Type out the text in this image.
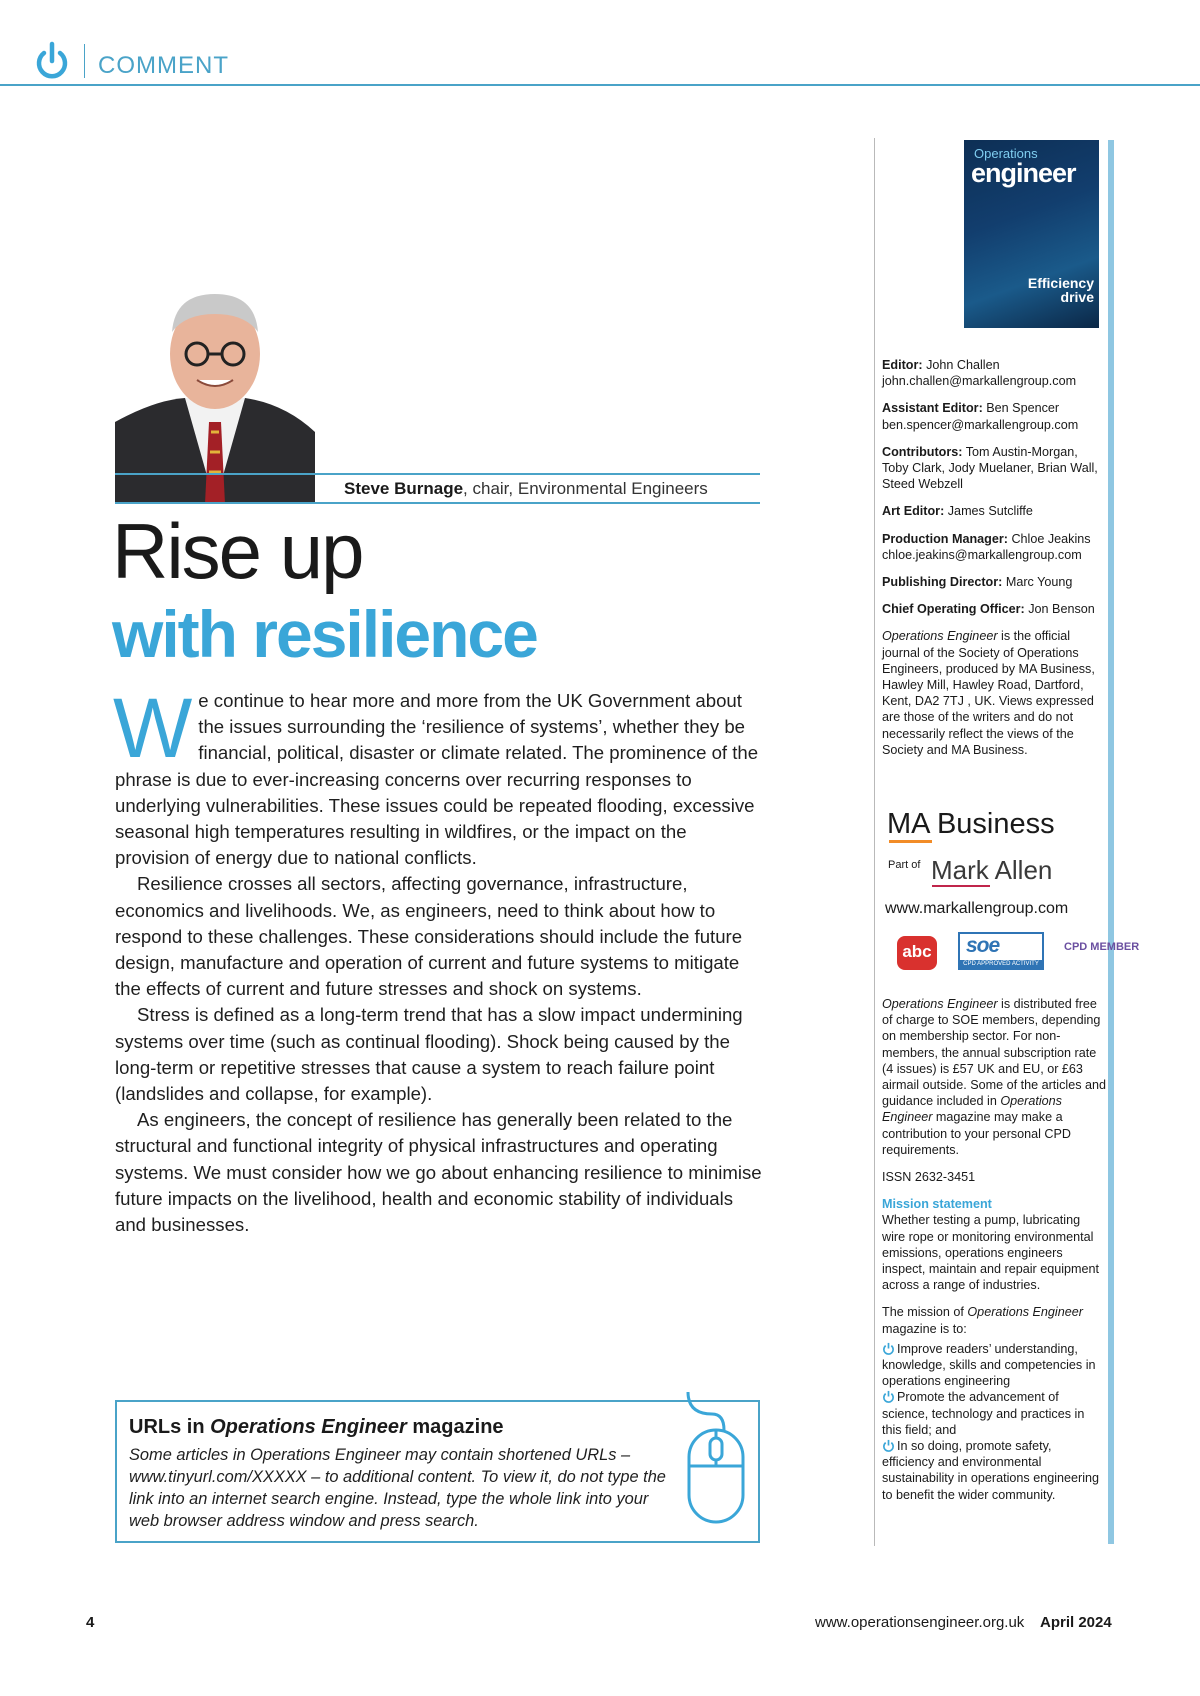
COMMENT
Steve Burnage, chair, Environmental Engineers
Rise up
with resilience

We continue to hear more and more from the UK Government about the issues surrounding the ‘resilience of systems’, whether they be financial, political, disaster or climate related. The prominence of the phrase is due to ever-increasing concerns over recurring responses to underlying vulnerabilities. These issues could be repeated flooding, excessive seasonal high temperatures resulting in wildfires, or the impact on the provision of energy due to national conflicts.

Resilience crosses all sectors, affecting governance, infrastructure, economics and livelihoods. We, as engineers, need to think about how to respond to these challenges. These considerations should include the future design, manufacture and operation of current and future systems to mitigate the effects of current and future stresses and shock on systems.

Stress is defined as a long-term trend that has a slow impact undermining systems over time (such as continual flooding). Shock being caused by the long-term or repetitive stresses that cause a system to reach failure point (landslides and collapse, for example).

As engineers, the concept of resilience has generally been related to the structural and functional integrity of physical infrastructures and operating systems. We must consider how we go about enhancing resilience to minimise future impacts on the livelihood, health and economic stability of individuals and businesses.

URLs in Operations Engineer magazine
Some articles in Operations Engineer may contain shortened URLs – www.tinyurl.com/XXXXX – to additional content. To view it, do not type the link into an internet search engine. Instead, type the whole link into your web browser address window and press search.
Operations
engineer
Efficiency drive
Editor: John Challen
john.challen@markallengroup.com
Assistant Editor: Ben Spencer
ben.spencer@markallengroup.com
Contributors: Tom Austin-Morgan, Toby Clark, Jody Muelaner, Brian Wall, Steed Webzell
Art Editor: James Sutcliffe
Production Manager: Chloe Jeakins
chloe.jeakins@markallengroup.com
Publishing Director: Marc Young
Chief Operating Officer: Jon Benson
Operations Engineer is the official journal of the Society of Operations Engineers, produced by MA Business, Hawley Mill, Hawley Road, Dartford, Kent, DA2 7TJ , UK. Views expressed are those of the writers and do not necessarily reflect the views of the Society and MA Business.
MA Business
Part of Mark Allen
www.markallengroup.com
abc soe
CPD APPROVED ACTIVITY
CPD MEMBER

Operations Engineer is distributed free of charge to SOE members, depending on membership sector. For non-members, the annual subscription rate (4 issues) is £57 UK and EU, or £63 airmail outside. Some of the articles and guidance included in Operations Engineer magazine may make a contribution to your personal CPD requirements.

ISSN 2632-3451

Mission statement

Whether testing a pump, lubricating wire rope or monitoring environmental emissions, operations engineers inspect, maintain and repair equipment across a range of industries.

The mission of Operations Engineer magazine is to:

Improve readers’ understanding, knowledge, skills and competencies in operations engineering
Promote the advancement of science, technology and practices in this field; and
In so doing, promote safety, efficiency and environmental sustainability in operations engineering to benefit the wider community.
4	www.operationsengineer.org.uk April 2024
